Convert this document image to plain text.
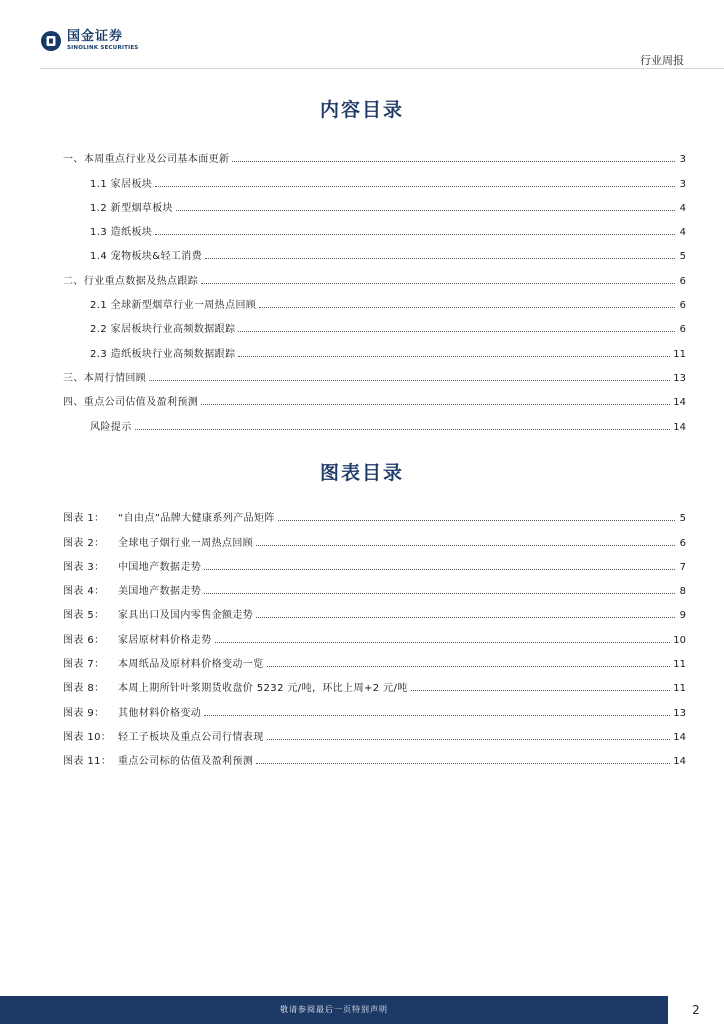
国金证券
SINOLINK SECURITIES
行业周报
内容目录
一、本周重点行业及公司基本面更新	3
1.1 家居板块	3
1.2 新型烟草板块	4
1.3 造纸板块	4
1.4 宠物板块&轻工消费	5
二、行业重点数据及热点跟踪	6
2.1 全球新型烟草行业一周热点回顾	6
2.2 家居板块行业高频数据跟踪	6
2.3 造纸板块行业高频数据跟踪	11
三、本周行情回顾	13
四、重点公司估值及盈利预测	14
风险提示	14
图表目录
图表 1： “自由点”品牌大健康系列产品矩阵	5
图表 2： 全球电子烟行业一周热点回顾	6
图表 3： 中国地产数据走势	7
图表 4： 美国地产数据走势	8
图表 5： 家具出口及国内零售金额走势	9
图表 6： 家居原材料价格走势	10
图表 7： 本周纸品及原材料价格变动一览	11
图表 8： 本周上期所针叶浆期货收盘价 5232 元/吨，环比上周+2 元/吨	11
图表 9： 其他材料价格变动	13
图表 10： 轻工子板块及重点公司行情表现	14
图表 11： 重点公司标的估值及盈利预测	14
敬请参阅最后一页特别声明	2
